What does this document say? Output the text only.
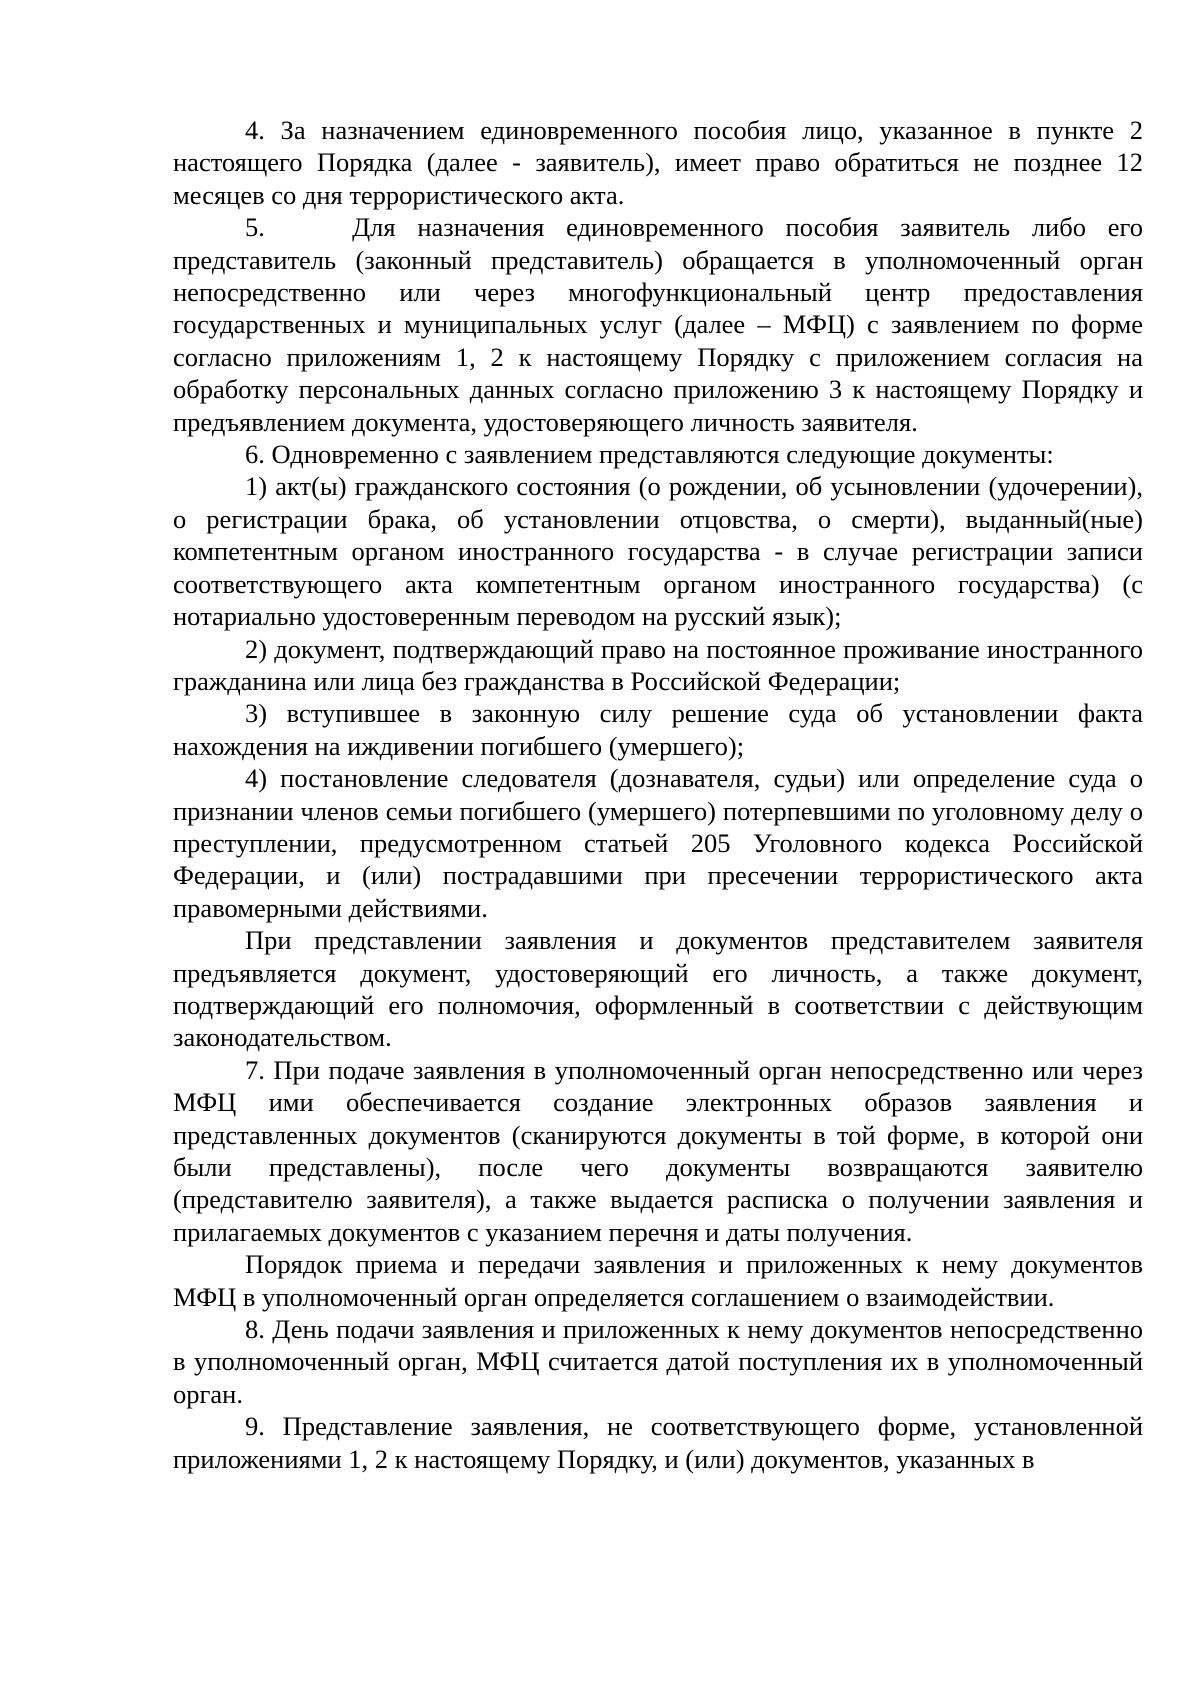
4. За назначением единовременного пособия лицо, указанное в пункте 2 настоящего Порядка (далее - заявитель), имеет право обратиться не позднее 12 месяцев со дня террористического акта.

5.    Для назначения единовременного пособия заявитель либо его представитель (законный представитель) обращается в уполномоченный орган непосредственно или через многофункциональный центр предоставления государственных и муниципальных услуг (далее – МФЦ) с заявлением по форме согласно приложениям 1, 2 к настоящему Порядку с приложением согласия на обработку персональных данных согласно приложению 3 к настоящему Порядку и предъявлением документа, удостоверяющего личность заявителя.

6. Одновременно с заявлением представляются следующие документы:

1) акт(ы) гражданского состояния (о рождении, об усыновлении (удочерении), о регистрации брака, об установлении отцовства, о смерти), выданный(ные) компетентным органом иностранного государства - в случае регистрации записи соответствующего акта компетентным органом иностранного государства) (с нотариально удостоверенным переводом на русский язык);

2) документ, подтверждающий право на постоянное проживание иностранного гражданина или лица без гражданства в Российской Федерации;

3) вступившее в законную силу решение суда об установлении факта нахождения на иждивении погибшего (умершего);

4) постановление следователя (дознавателя, судьи) или определение суда о признании членов семьи погибшего (умершего) потерпевшими по уголовному делу о преступлении, предусмотренном статьей 205 Уголовного кодекса Российской Федерации, и (или) пострадавшими при пресечении террористического акта правомерными действиями.

При представлении заявления и документов представителем заявителя предъявляется документ, удостоверяющий его личность, а также документ, подтверждающий его полномочия, оформленный в соответствии с действующим законодательством.

7. При подаче заявления в уполномоченный орган непосредственно или через МФЦ ими обеспечивается создание электронных образов заявления и представленных документов (сканируются документы в той форме, в которой они были представлены), после чего документы возвращаются заявителю (представителю заявителя), а также выдается расписка о получении заявления и прилагаемых документов с указанием перечня и даты получения.

Порядок приема и передачи заявления и приложенных к нему документов МФЦ в уполномоченный орган определяется соглашением о взаимодействии.

8. День подачи заявления и приложенных к нему документов непосредственно в уполномоченный орган, МФЦ считается датой поступления их в уполномоченный орган.

9. Представление заявления, не соответствующего форме, установленной приложениями 1, 2 к настоящему Порядку, и (или) документов, указанных в
